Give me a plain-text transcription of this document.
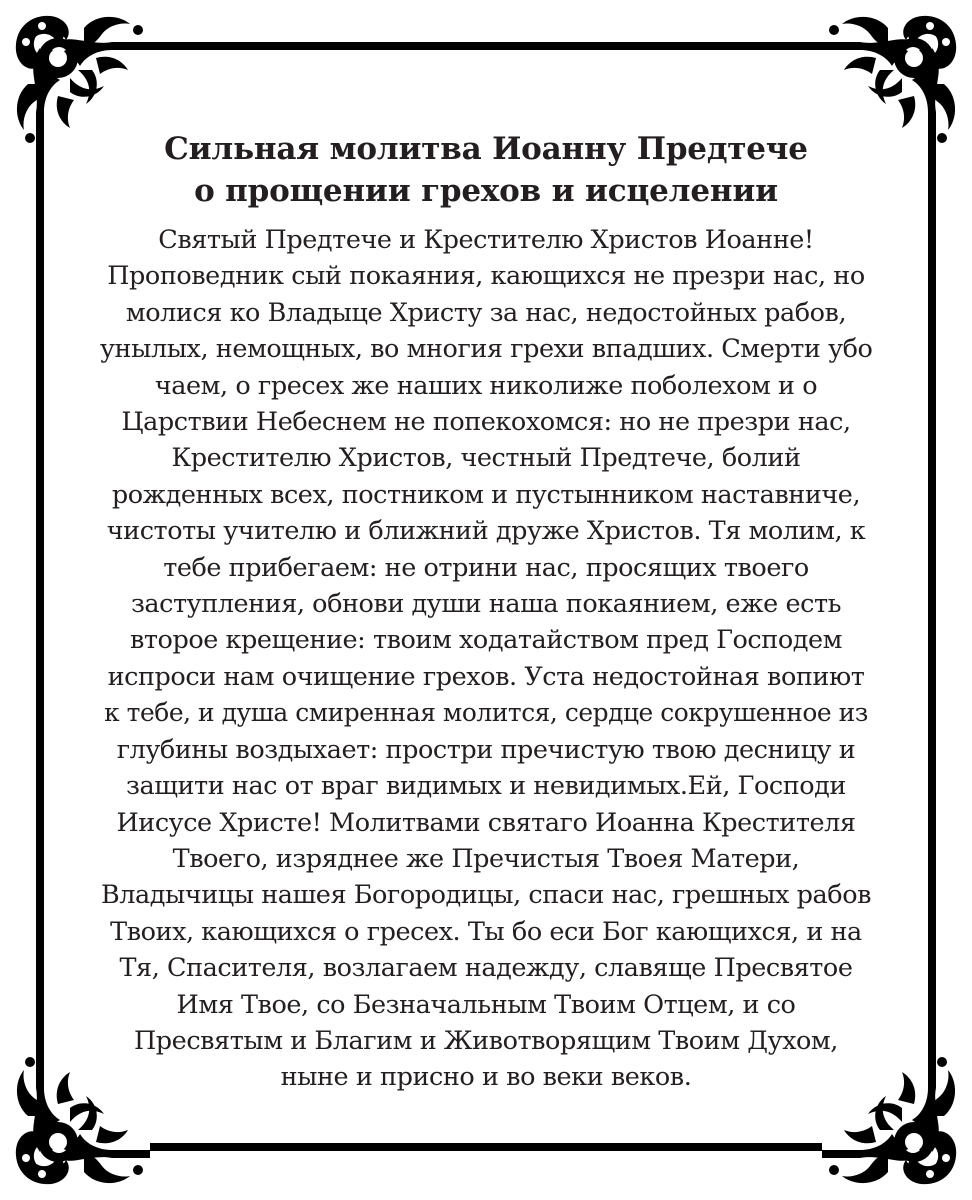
Сильная молитва Иоанну Предтече
о прощении грехов и исцелении
Святый Предтече и Крестителю Христов Иоанне!
Проповедник сый покаяния, кающихся не презри нас, но
молися ко Владыце Христу за нас, недостойных рабов,
унылых, немощных, во многия грехи впадших. Смерти убо
чаем, о гресех же наших николиже поболехом и о
Царствии Небеснем не попекохомся: но не презри нас,
Крестителю Христов, честный Предтече, болий
рожденных всех, постником и пустынником наставниче,
чистоты учителю и ближний друже Христов. Тя молим, к
тебе прибегаем: не отрини нас, просящих твоего
заступления, обнови души наша покаянием, еже есть
второе крещение: твоим ходатайством пред Господем
испроси нам очищение грехов. Уста недостойная вопиют
к тебе, и душа смиренная молится, сердце сокрушенное из
глубины воздыхает: простри пречистую твою десницу и
защити нас от враг видимых и невидимых.Ей, Господи
Иисусе Христе! Молитвами святаго Иоанна Крестителя
Твоего, изряднее же Пречистыя Твоея Матери,
Владычицы нашея Богородицы, спаси нас, грешных рабов
Твоих, кающихся о гресех. Ты бо еси Бог кающихся, и на
Тя, Спасителя, возлагаем надежду, славяще Пресвятое
Имя Твое, со Безначальным Твоим Отцем, и со
Пресвятым и Благим и Животворящим Твоим Духом,
ныне и присно и во веки веков.
